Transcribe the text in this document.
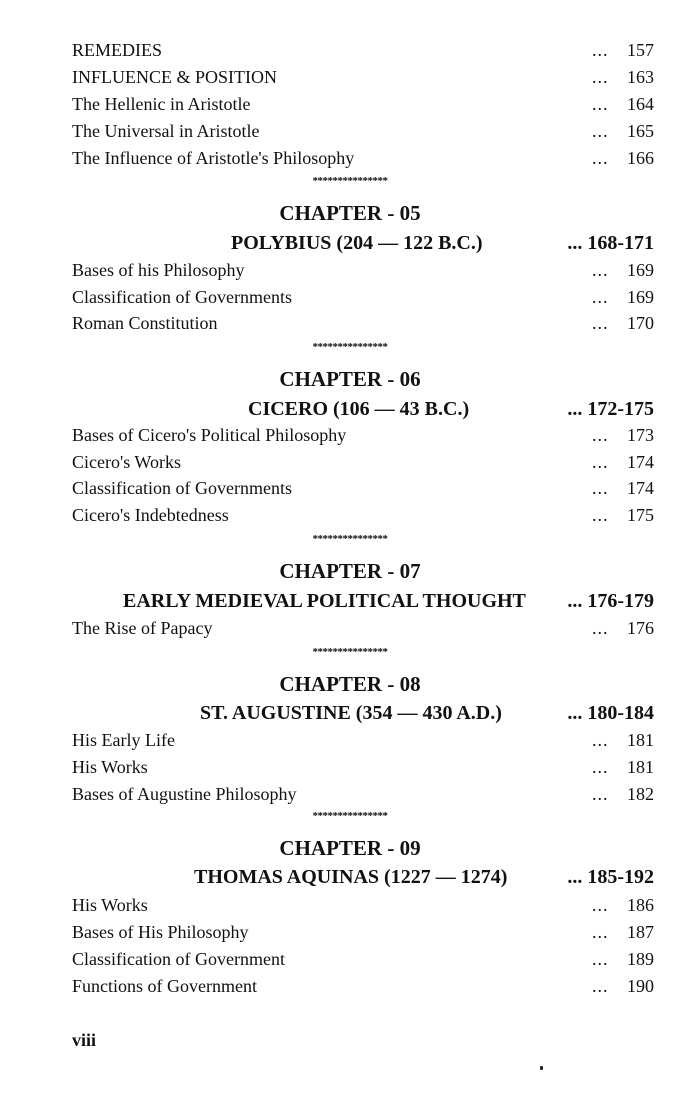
REMEDIES	... 157
INFLUENCE & POSITION	... 163
The Hellenic in Aristotle	... 164
The Universal in Aristotle	... 165
The Influence of Aristotle's Philosophy	... 166
***************
CHAPTER - 05
POLYBIUS (204 — 122 B.C.)	... 168-171
Bases of his Philosophy	... 169
Classification of Governments	... 169
Roman Constitution	... 170
***************
CHAPTER - 06
CICERO (106 — 43 B.C.)	... 172-175
Bases of Cicero's Political Philosophy	... 173
Cicero's Works	... 174
Classification of Governments	... 174
Cicero's Indebtedness	... 175
***************
CHAPTER - 07
EARLY MEDIEVAL POLITICAL THOUGHT ... 176-179
The Rise of Papacy	... 176
***************
CHAPTER - 08
ST. AUGUSTINE (354 — 430 A.D.)	... 180-184
His Early Life	... 181
His Works	... 181
Bases of Augustine Philosophy	... 182
***************
CHAPTER - 09
THOMAS AQUINAS (1227 — 1274)	... 185-192
His Works	... 186
Bases of His Philosophy	... 187
Classification of Government	... 189
Functions of Government	... 190
viii
